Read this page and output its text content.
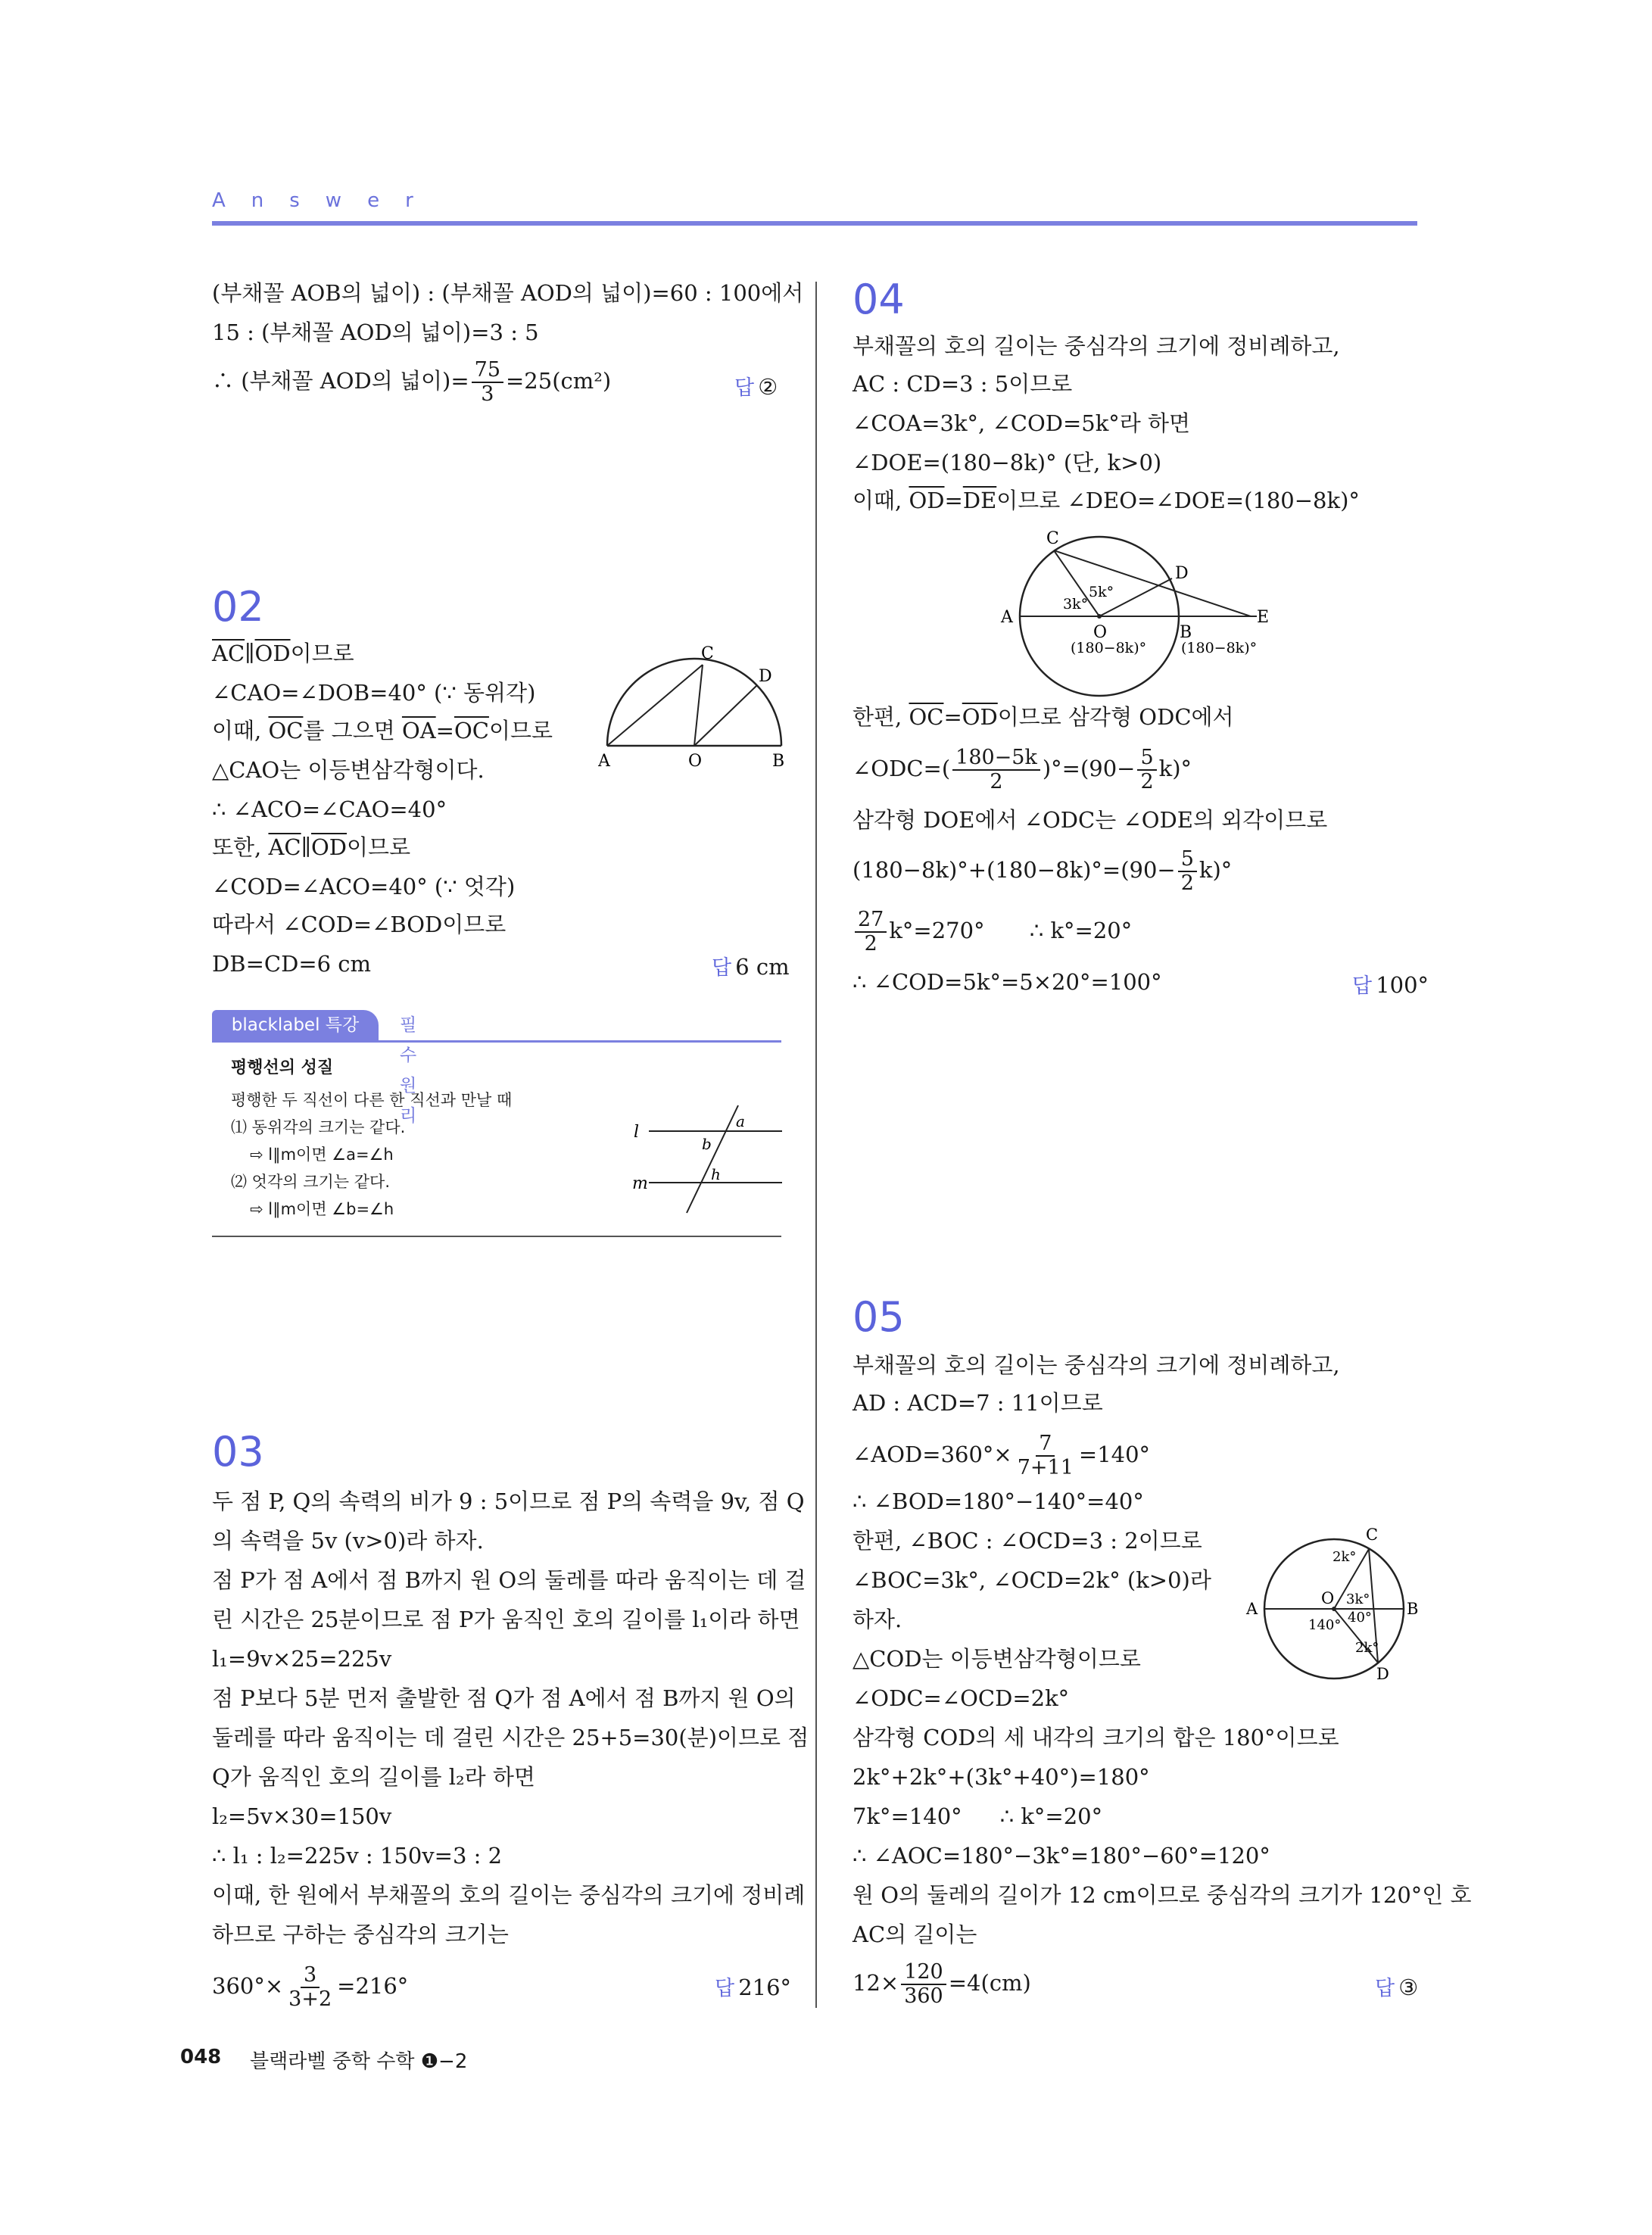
Answer
(부채꼴 AOB의 넓이) : (부채꼴 AOD의 넓이)=60 : 100에서
15 : (부채꼴 AOD의 넓이)=3 : 5
∴ (부채꼴 AOD의 넓이)= $\frac{75}{3} =25(cm^2)$	답 ②
02
$\overline{AC}\parallel\overline{OD}$이므로
∠CAO=∠DOB=40° (∵ 동위각)
이때, $\overline{OC}$를 그으면 $\overline{OA}=\overline{OC}$이므로
△CAO는 이등변삼각형이다.
∴ ∠ACO=∠CAO=40°
또한, $\overline{AC}\parallel\overline{OD}$이므로
∠COD=∠ACO=40° (∵ 엇각)
따라서 ∠COD=∠BOD이므로
DB=CD=6 cm	답 6 cm
C
D
A	O	B
blacklabel 특강	필수원리
평행선의 성질
평행한 두 직선이 다른 한 직선과 만날 때
⑴ 동위각의 크기는 같다.
⇨ l∥m이면 ∠a=∠h
⑵ 엇각의 크기는 같다.
⇨ l∥m이면 ∠b=∠h
l
m
a
b
h
03
두 점 P, Q의 속력의 비가 9 : 5이므로 점 P의 속력을 9v, 점 Q
의 속력을 5v (v>0)라 하자.
점 P가 점 A에서 점 B까지 원 O의 둘레를 따라 움직이는 데 걸
린 시간은 25분이므로 점 P가 움직인 호의 길이를 l₁이라 하면
l₁=9v×25=225v
점 P보다 5분 먼저 출발한 점 Q가 점 A에서 점 B까지 원 O의
둘레를 따라 움직이는 데 걸린 시간은 25+5=30(분)이므로 점
Q가 움직인 호의 길이를 l₂라 하면
l₂=5v×30=150v
∴ l₁ : l₂=225v : 150v=3 : 2
이때, 한 원에서 부채꼴의 호의 길이는 중심각의 크기에 정비례
하므로 구하는 중심각의 크기는
$360^\circ\times \frac{3}{3+2} =216^\circ$	답 216°
04
부채꼴의 호의 길이는 중심각의 크기에 정비례하고,
AC : CD=3 : 5이므로
∠COA=3k°, ∠COD=5k°라 하면
∠DOE=(180−8k)° (단, k>0)
이때, $\overline{OD}=\overline{DE}$이므로 ∠DEO=∠DOE=(180−8k)°
C
D
A
O	B
E
5k°
3k°
(180−8k)° (180−8k)°
한편, $\overline{OC}=\overline{OD}$이므로 삼각형 ODC에서
∠ODC=( $\frac{180-5k}{2} )^\circ=(90- \frac{5}{2} k)^\circ$
삼각형 DOE에서 ∠ODC는 ∠ODE의 외각이므로
$(180-8k)^\circ+(180-8k)^\circ=(90- \frac{5}{2} k)^\circ$
$\frac{27}{2} k^\circ=270^\circ$ ∴ k°=20°
∴ ∠COD=5k°=5×20°=100°	답 100°
05
부채꼴의 호의 길이는 중심각의 크기에 정비례하고,
AD : ACD=7 : 11이므로
∠AOD=360°× $\frac{7}{7+11} =140^\circ$
∴ ∠BOD=180°−140°=40°
한편, ∠BOC : ∠OCD=3 : 2이므로
∠BOC=3k°, ∠OCD=2k° (k>0)라
하자.
△COD는 이등변삼각형이므로
∠ODC=∠OCD=2k°
삼각형 COD의 세 내각의 크기의 합은 180°이므로
2k°+2k°+(3k°+40°)=180°
7k°=140° ∴ k°=20°
∴ ∠AOC=180°−3k°=180°−60°=120°
원 O의 둘레의 길이가 12 cm이므로 중심각의 크기가 120°인 호
AC의 길이는
$12\times \frac{120}{360} =4(cm)$	답 ③
C
A	B
D
O
2k°
3k°
40°
140°
2k°
048 블랙라벨 중학 수학 ❶−2
